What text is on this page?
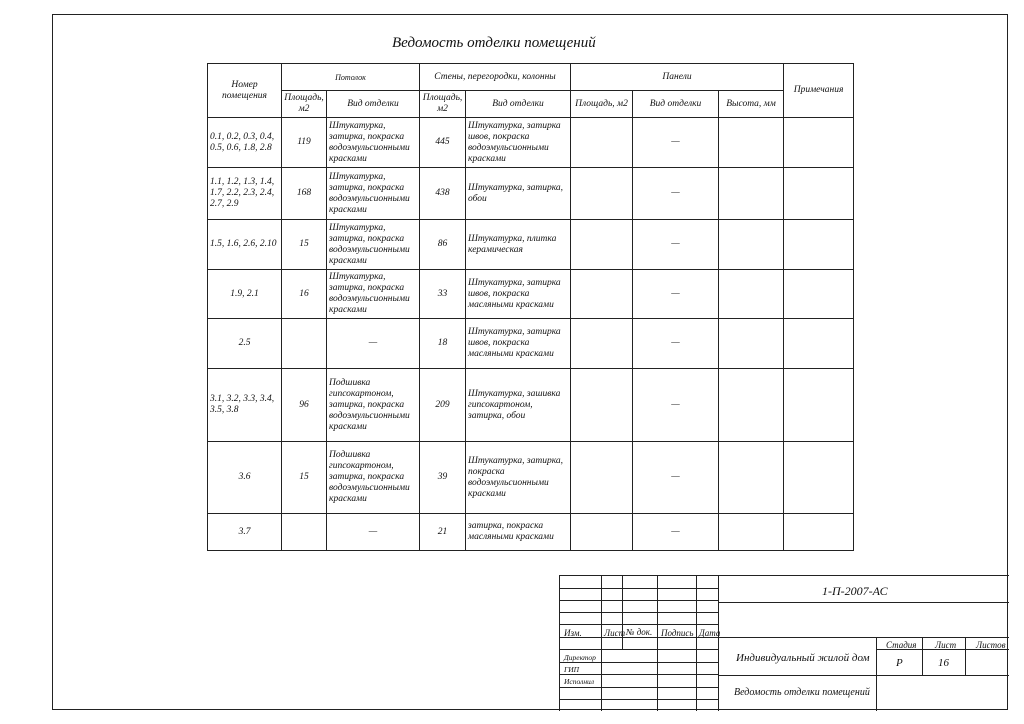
Ведомость отделки помещений
Номер помещения	Потолок		Стены, перегородки, колонны		Панели			Примечания
	Площадь, м2	Вид отделки	Площадь, м2	Вид отделки	Площадь, м2	Вид отделки	Высота, мм	
0.1, 0.2, 0.3, 0.4, 0.5, 0.6, 1.8, 2.8	119	Штукатурка, затирка, покраска водоэмульсионными красками	445	Штукатурка, затирка швов, покраска водоэмульсионными красками		—		
1.1, 1.2, 1.3, 1.4, 1.7, 2.2, 2.3, 2.4, 2.7, 2.9	168	Штукатурка, затирка, покраска водоэмульсионными красками	438	Штукатурка, затирка, обои		—		
1.5, 1.6, 2.6, 2.10	15	Штукатурка, затирка, покраска водоэмульсионными красками	86	Штукатурка, плитка керамическая		—		
1.9, 2.1	16	Штукатурка, затирка, покраска водоэмульсионными красками	33	Штукатурка, затирка швов, покраска масляными красками		—		
2.5		—	18	Штукатурка, затирка швов, покраска масляными красками		—		
3.1, 3.2, 3.3, 3.4, 3.5, 3.8	96	Подшивка гипсокартоном, затирка, покраска водоэмульсионными красками	209	Штукатурка, зашивка гипсокартоном, затирка, обои		—		
3.6	15	Подшивка гипсокартоном, затирка, покраска водоэмульсионными красками	39	Штукатурка, затирка, покраска водоэмульсионными красками		—		
3.7		—	21	затирка, покраска масляными красками		—		
1-П-2007-АС
Изм. Лист № док. Подпись Дата
Директор
ГИП
Исполнил
Индивидуальный жилой дом
Ведомость отделки помещений
Стадия Лист Листов
Р	16
